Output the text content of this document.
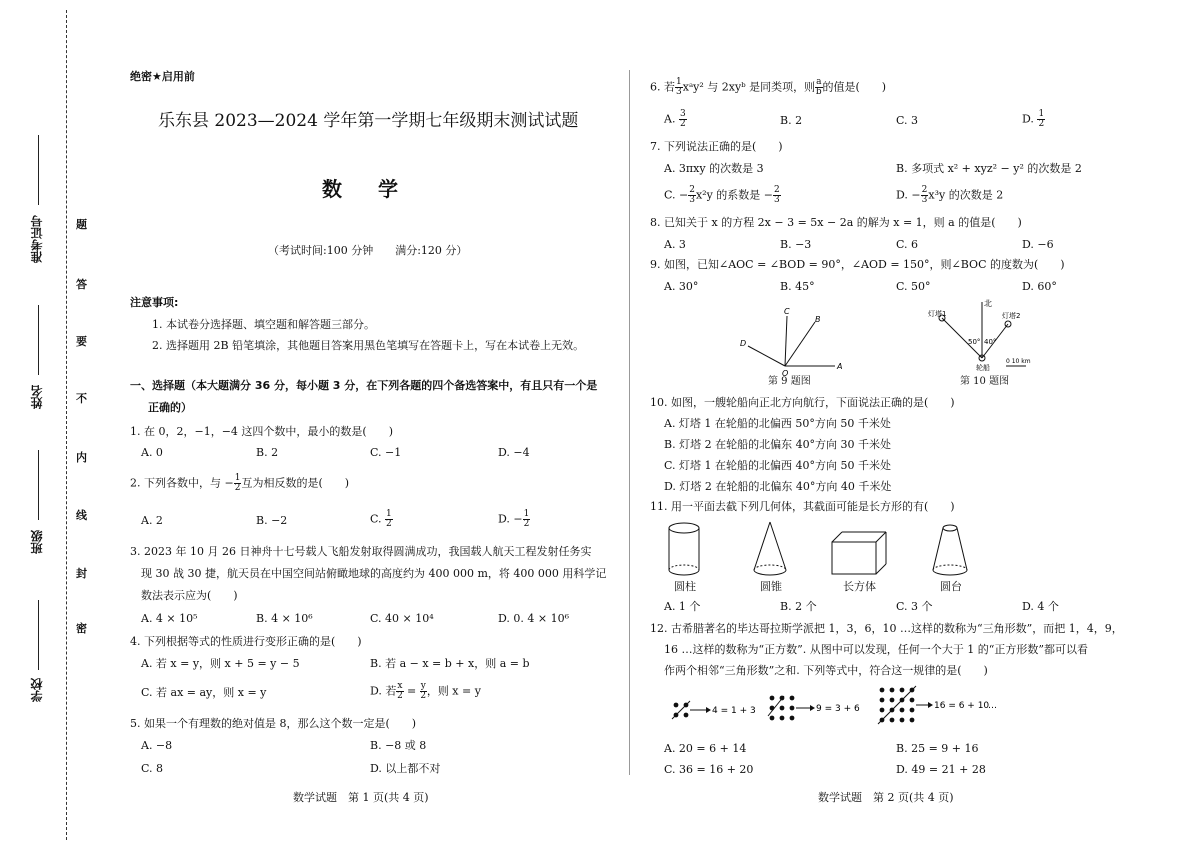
准考证号
姓名
班级
学校
密
封
线
内
不
要
答
题
绝密★启用前
乐东县 2023—2024 学年第一学期七年级期末测试试题
数学
（考试时间:100 分钟　　满分:120 分）
注意事项:
1. 本试卷分选择题、填空题和解答题三部分。
2. 选择题用 2B 铅笔填涂，其他题目答案用黑色笔填写在答题卡上，写在本试卷上无效。
一、选择题（本大题满分 36 分，每小题 3 分，在下列各题的四个备选答案中，有且只有一个是
正确的）
1. 在 0，2，−1，−4 这四个数中，最小的数是(　　)
A. 0	B. 2	C. −1	D. −4
2. 下列各数中，与 − $\frac{1}{2}$ 互为相反数的是(　　)
A. 2	B. −2	C. $\frac{1}{2}$	D. − $\frac{1}{2}$
3. 2023 年 10 月 26 日神舟十七号载人飞船发射取得圆满成功，我国载人航天工程发射任务实
现 30 战 30 捷，航天员在中国空间站俯瞰地球的高度约为 400 000 m，将 400 000 用科学记
数法表示应为(　　)
A. 4 × 10⁵	B. 4 × 10⁶	C. 40 × 10⁴	D. 0. 4 × 10⁶
4. 下列根据等式的性质进行变形正确的是(　　)
A. 若 x = y，则 x + 5 = y − 5	B. 若 a − x = b + x，则 a = b
C. 若 ax = ay，则 x = y	D. 若 $\frac{x}{2} = \frac{y}{2}$ ，则 x = y
5. 如果一个有理数的绝对值是 8，那么这个数一定是(　　)
A. −8	B. −8 或 8
C. 8	D. 以上都不对
数学试题　第 1 页(共 4 页)
6. 若 $\frac{1}{3}$ xᵃy² 与 2xyᵇ 是同类项，则 $\frac{a}{b}$ 的值是(　　)
A. $\frac{3}{2}$	B. 2	C. 3	D. $\frac{1}{2}$
7. 下列说法正确的是(　　)
A. 3πxy 的次数是 3	B. 多项式 x² + xyz² − y² 的次数是 2
C. − $\frac{2}{3} x^2y$ 的系数是 − $\frac{2}{3}$	D. − $\frac{2}{3} x^3y$ 的次数是 2
8. 已知关于 x 的方程 2x − 3 = 5x − 2a 的解为 x = 1，则 a 的值是(　　)
A. 3	B. −3	C. 6	D. −6
9. 如图，已知∠AOC = ∠BOD = 90°，∠AOD = 150°，则∠BOC 的度数为(　　)
A. 30°	B. 45°	C. 50°	D. 60°
C
B
D
O
A
第 9 题图
北
灯塔1	灯塔2
50° 40°
轮船
0 10 km
第 10 题图
10. 如图，一艘轮船向正北方向航行，下面说法正确的是(　　)
A. 灯塔 1 在轮船的北偏西 50°方向 50 千米处
B. 灯塔 2 在轮船的北偏东 40°方向 30 千米处
C. 灯塔 1 在轮船的北偏西 40°方向 50 千米处
D. 灯塔 2 在轮船的北偏东 40°方向 40 千米处
11. 用一平面去截下列几何体，其截面可能是长方形的有(　　)
圆柱	圆锥	长方体	圆台
A. 1 个	B. 2 个	C. 3 个	D. 4 个
12. 古希腊著名的毕达哥拉斯学派把 1，3，6，10 …这样的数称为“三角形数”，而把 1，4，9，
16 …这样的数称为“正方数”. 从图中可以发现，任何一个大于 1 的“正方形数”都可以看
作两个相邻“三角形数”之和. 下列等式中，符合这一规律的是(　　)
4 = 1 + 3	9 = 3 + 6	16 = 6 + 10
…
A. 20 = 6 + 14	B. 25 = 9 + 16
C. 36 = 16 + 20	D. 49 = 21 + 28
数学试题　第 2 页(共 4 页)
